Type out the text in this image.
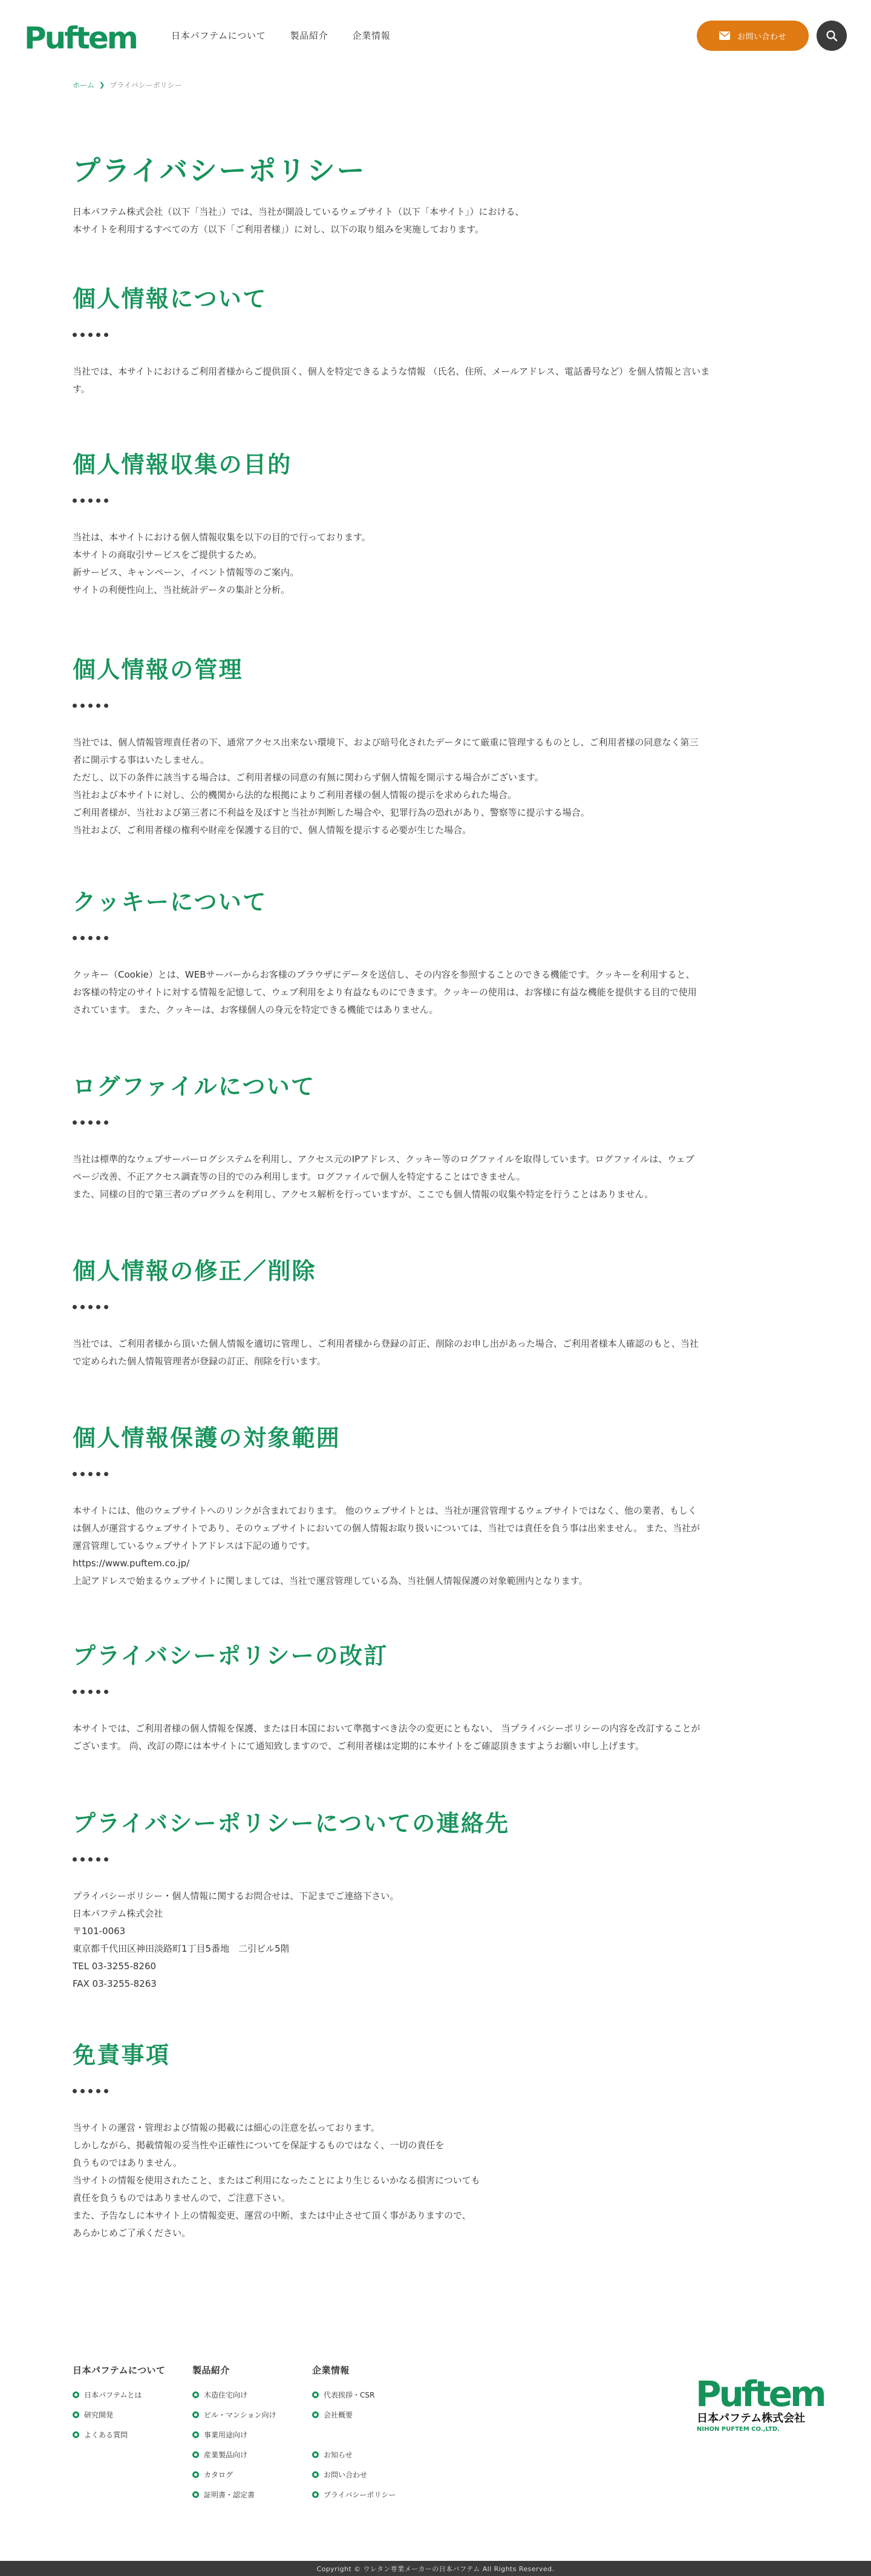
Puftem	日本パフテムについて	製品紹介	企業情報	お問い合わせ
ホーム ❯ プライバシーポリシー
プライバシーポリシー

日本パフテム株式会社（以下「当社」）では、当社が開設しているウェブサイト（以下「本サイト」）における、

本サイトを利用するすべての方（以下「ご利用者様」）に対し、以下の取り組みを実施しております。

個人情報について

当社では、本サイトにおけるご利用者様からご提供頂く、個人を特定できるような情報 （氏名、住所、メールアドレス、電話番号など）を個人情報と言いま

す。

個人情報収集の目的

当社は、本サイトにおける個人情報収集を以下の目的で行っております。

本サイトの商取引サービスをご提供するため。

新サービス、キャンペーン、イベント情報等のご案内。

サイトの利便性向上、当社統計データの集計と分析。

個人情報の管理

当社では、個人情報管理責任者の下、通常アクセス出来ない環境下、および暗号化されたデータにて厳重に管理するものとし、ご利用者様の同意なく第三

者に開示する事はいたしません。

ただし、以下の条件に該当する場合は、ご利用者様の同意の有無に関わらず個人情報を開示する場合がございます。

当社および本サイトに対し、公的機関から法的な根拠によりご利用者様の個人情報の提示を求められた場合。

ご利用者様が、当社および第三者に不利益を及ぼすと当社が判断した場合や、犯罪行為の恐れがあり、警察等に提示する場合。

当社および、ご利用者様の権利や財産を保護する目的で、個人情報を提示する必要が生じた場合。

クッキーについて

クッキー（Cookie）とは、WEBサーバーからお客様のブラウザにデータを送信し、その内容を参照することのできる機能です。クッキーを利用すると、

お客様の特定のサイトに対する情報を記憶して、ウェブ利用をより有益なものにできます。クッキーの使用は、お客様に有益な機能を提供する目的で使用

されています。 また、クッキーは、お客様個人の身元を特定できる機能ではありません。

ログファイルについて

当社は標準的なウェブサーバーログシステムを利用し、アクセス元のIPアドレス、クッキー等のログファイルを取得しています。ログファイルは、ウェブ

ページ改善、不正アクセス調査等の目的でのみ利用します。ログファイルで個人を特定することはできません。

また、同様の目的で第三者のプログラムを利用し、アクセス解析を行っていますが、ここでも個人情報の収集や特定を行うことはありません。

個人情報の修正／削除

当社では、ご利用者様から頂いた個人情報を適切に管理し、ご利用者様から登録の訂正、削除のお申し出があった場合、ご利用者様本人確認のもと、当社

で定められた個人情報管理者が登録の訂正、削除を行います。

個人情報保護の対象範囲

本サイトには、他のウェブサイトへのリンクが含まれております。 他のウェブサイトとは、当社が運営管理するウェブサイトではなく、他の業者、もしく

は個人が運営するウェブサイトであり、そのウェブサイトにおいての個人情報お取り扱いについては、当社では責任を負う事は出来ません。 また、当社が

運営管理しているウェブサイトアドレスは下記の通りです。

https://www.puftem.co.jp/

上記アドレスで始まるウェブサイトに関しましては、当社で運営管理している為、当社個人情報保護の対象範囲内となります。

プライバシーポリシーの改訂

本サイトでは、ご利用者様の個人情報を保護、または日本国において準拠すべき法令の変更にともない、 当プライバシーポリシーの内容を改訂することが

ございます。 尚、改訂の際には本サイトにて通知致しますので、ご利用者様は定期的に本サイトをご確認頂きますようお願い申し上げます。

プライバシーポリシーについての連絡先

プライバシーポリシー・個人情報に関するお問合せは、下記までご連絡下さい。

日本パフテム株式会社

〒101-0063

東京都千代田区神田淡路町1丁目5番地　二引ビル5階

TEL 03-3255-8260

FAX 03-3255-8263

免責事項

当サイトの運営・管理および情報の掲載には細心の注意を払っております。

しかしながら、掲載情報の妥当性や正確性についてを保証するものではなく、一切の責任を

負うものではありません。

当サイトの情報を使用されたこと、またはご利用になったことにより生じるいかなる損害についても

責任を負うものではありませんので、ご注意下さい。

また、予告なしに本サイト上の情報変更、運営の中断、または中止させて頂く事がありますので、

あらかじめご了承ください。

日本パフテムについて
日本パフテムとは
研究開発
よくある質問
製品紹介
木造住宅向け
ビル・マンション向け
事業用途向け
産業製品向け
カタログ
証明書・認定書
企業情報
代表挨拶・CSR
会社概要
お知らせ
お問い合わせ
プライバシーポリシー
Puftem
日本パフテム株式会社
NIHON PUFTEM CO.,LTD.
Copyright © ウレタン専業メーカーの日本パフテム All Rights Reserved.
